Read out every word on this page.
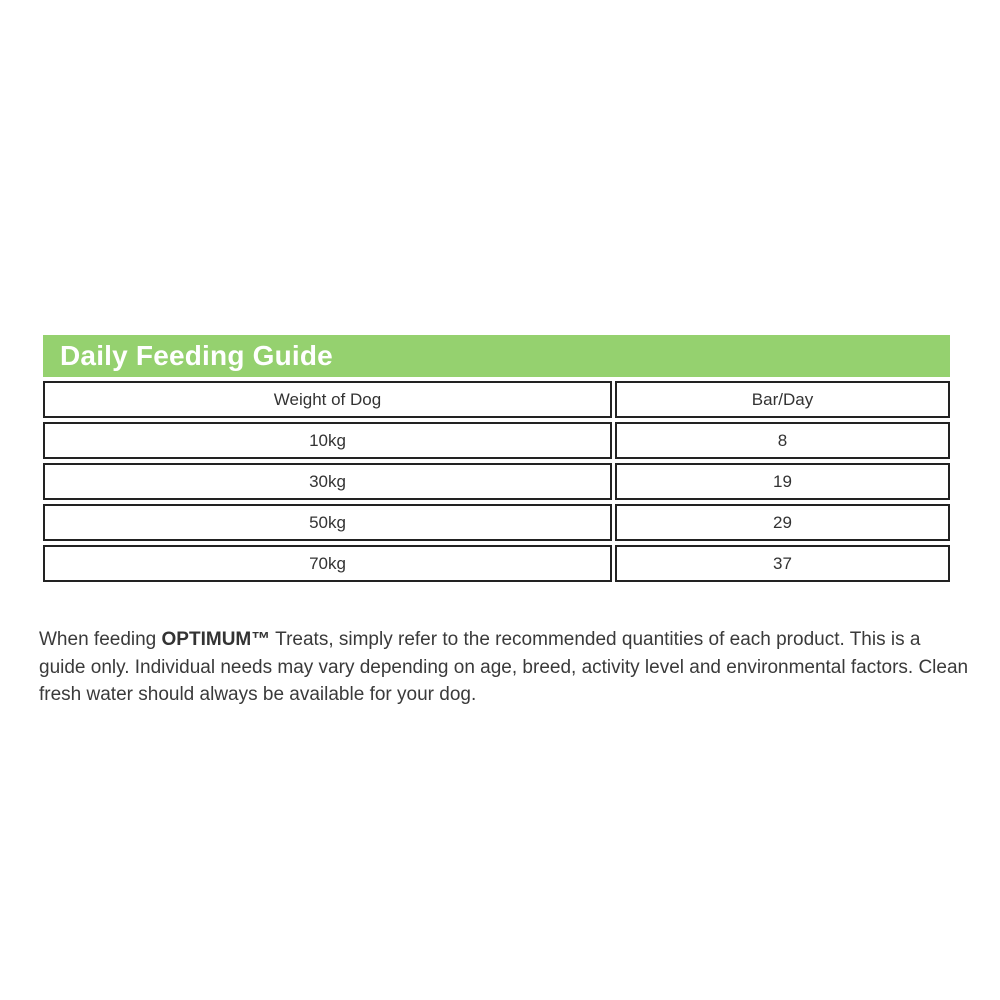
Daily Feeding Guide
Weight of Dog	Bar/Day
10kg	8
30kg	19
50kg	29
70kg	37

When feeding OPTIMUM™ Treats, simply refer to the recommended quantities of each product. This is a guide only. Individual needs may vary depending on age, breed, activity level and environmental factors. Clean fresh water should always be available for your dog.
